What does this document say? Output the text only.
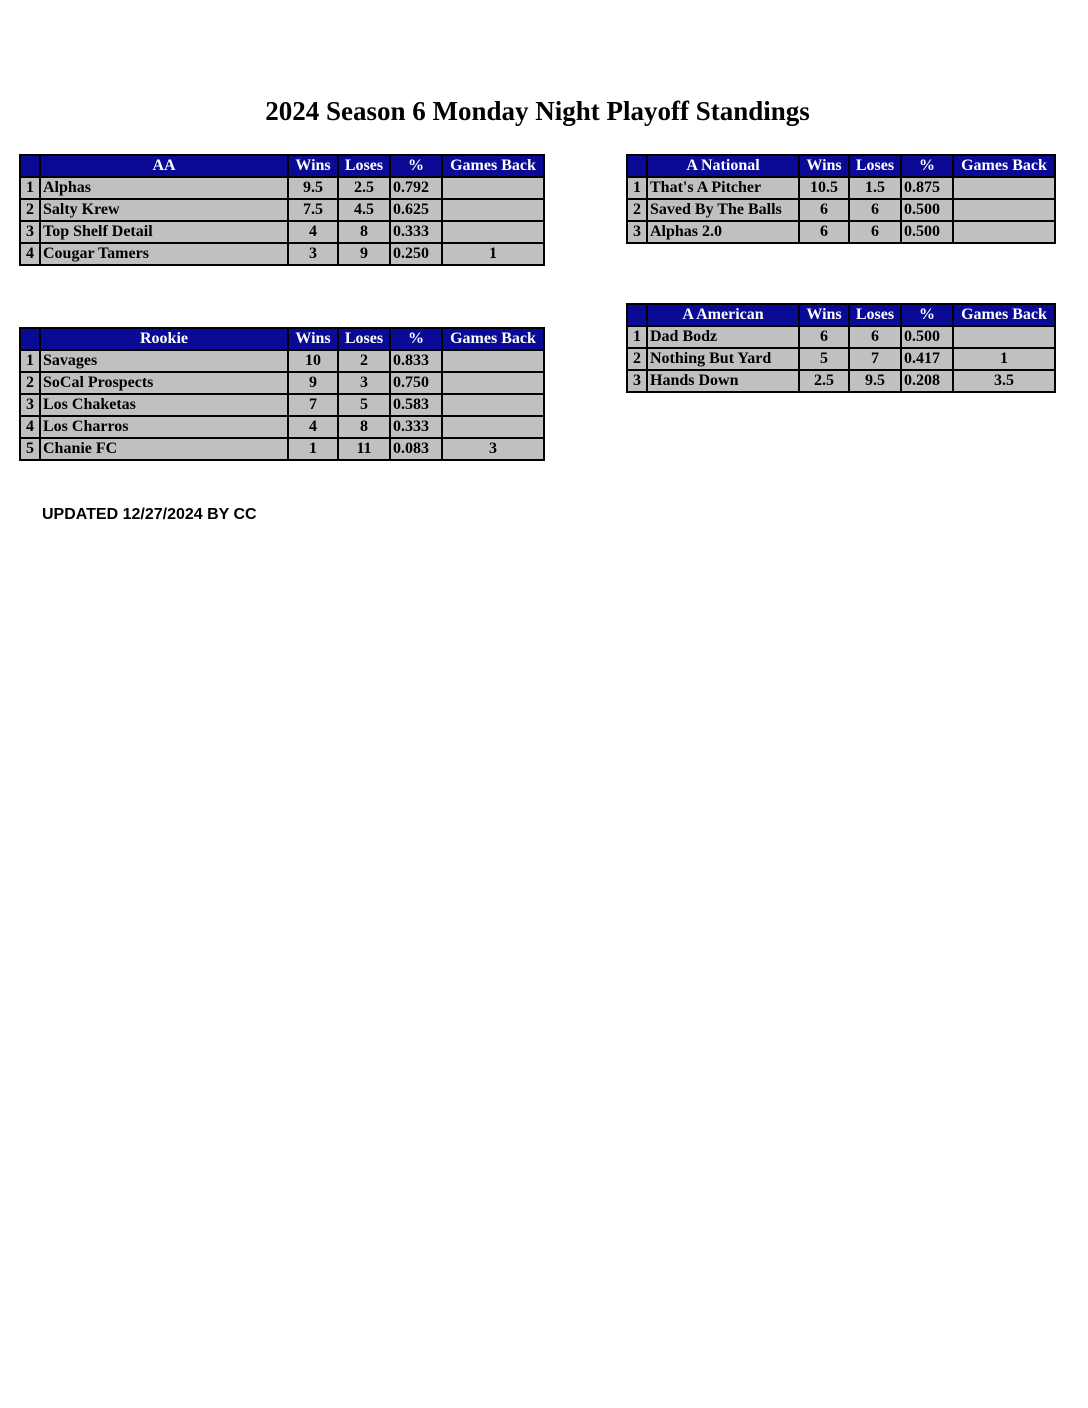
2024 Season 6 Monday Night Playoff Standings
	AA	Wins	Loses	%	Games Back
1	Alphas	9.5	2.5	0.792	
2	Salty Krew	7.5	4.5	0.625	
3	Top Shelf Detail	4	8	0.333	
4	Cougar Tamers	3	9	0.250	1
	Rookie	Wins	Loses	%	Games Back
1	Savages	10	2	0.833	
2	SoCal Prospects	9	3	0.750	
3	Los Chaketas	7	5	0.583	
4	Los Charros	4	8	0.333	
5	Chanie FC	1	11	0.083	3
	A National	Wins	Loses	%	Games Back
1	That's A Pitcher	10.5	1.5	0.875	
2	Saved By The Balls	6	6	0.500	
3	Alphas 2.0	6	6	0.500	
	A American	Wins	Loses	%	Games Back
1	Dad Bodz	6	6	0.500	
2	Nothing But Yard	5	7	0.417	1
3	Hands Down	2.5	9.5	0.208	3.5
UPDATED 12/27/2024 BY CC
